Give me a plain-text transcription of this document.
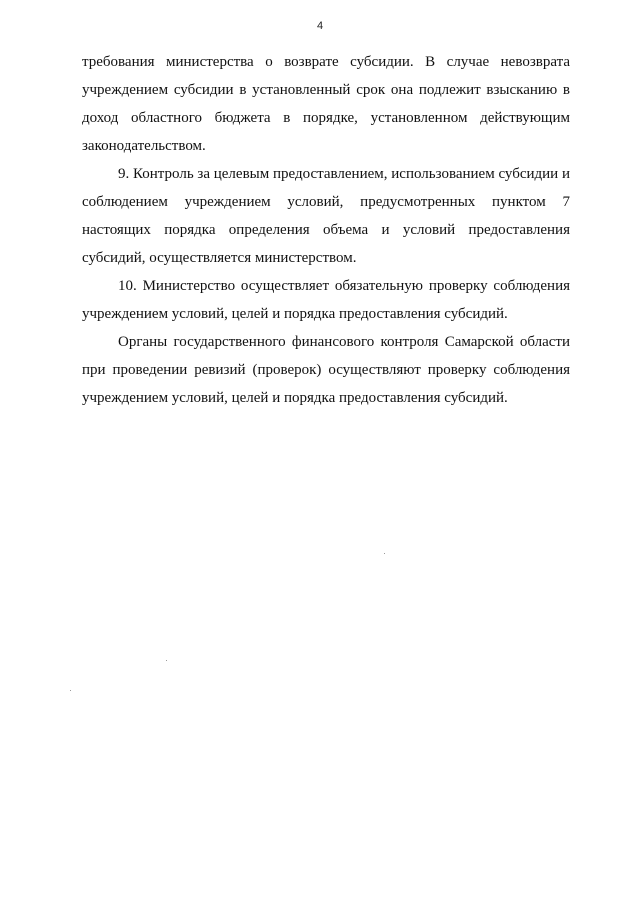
4

требования министерства о возврате субсидии. В случае невозврата учреждением субсидии в установленный срок она подлежит взысканию в доход областного бюджета в порядке, установленном действующим законодательством.

9. Контроль за целевым предоставлением, использованием субсидии и соблюдением учреждением условий, предусмотренных пунктом 7 настоящих порядка определения объема и условий предоставления субсидий, осуществляется министерством.

10. Министерство осуществляет обязательную проверку соблюдения учреждением условий, целей и порядка предоставления субсидий.

Органы государственного финансового контроля Самарской области при проведении ревизий (проверок) осуществляют проверку соблюдения учреждением условий, целей и порядка предоставления субсидий.
